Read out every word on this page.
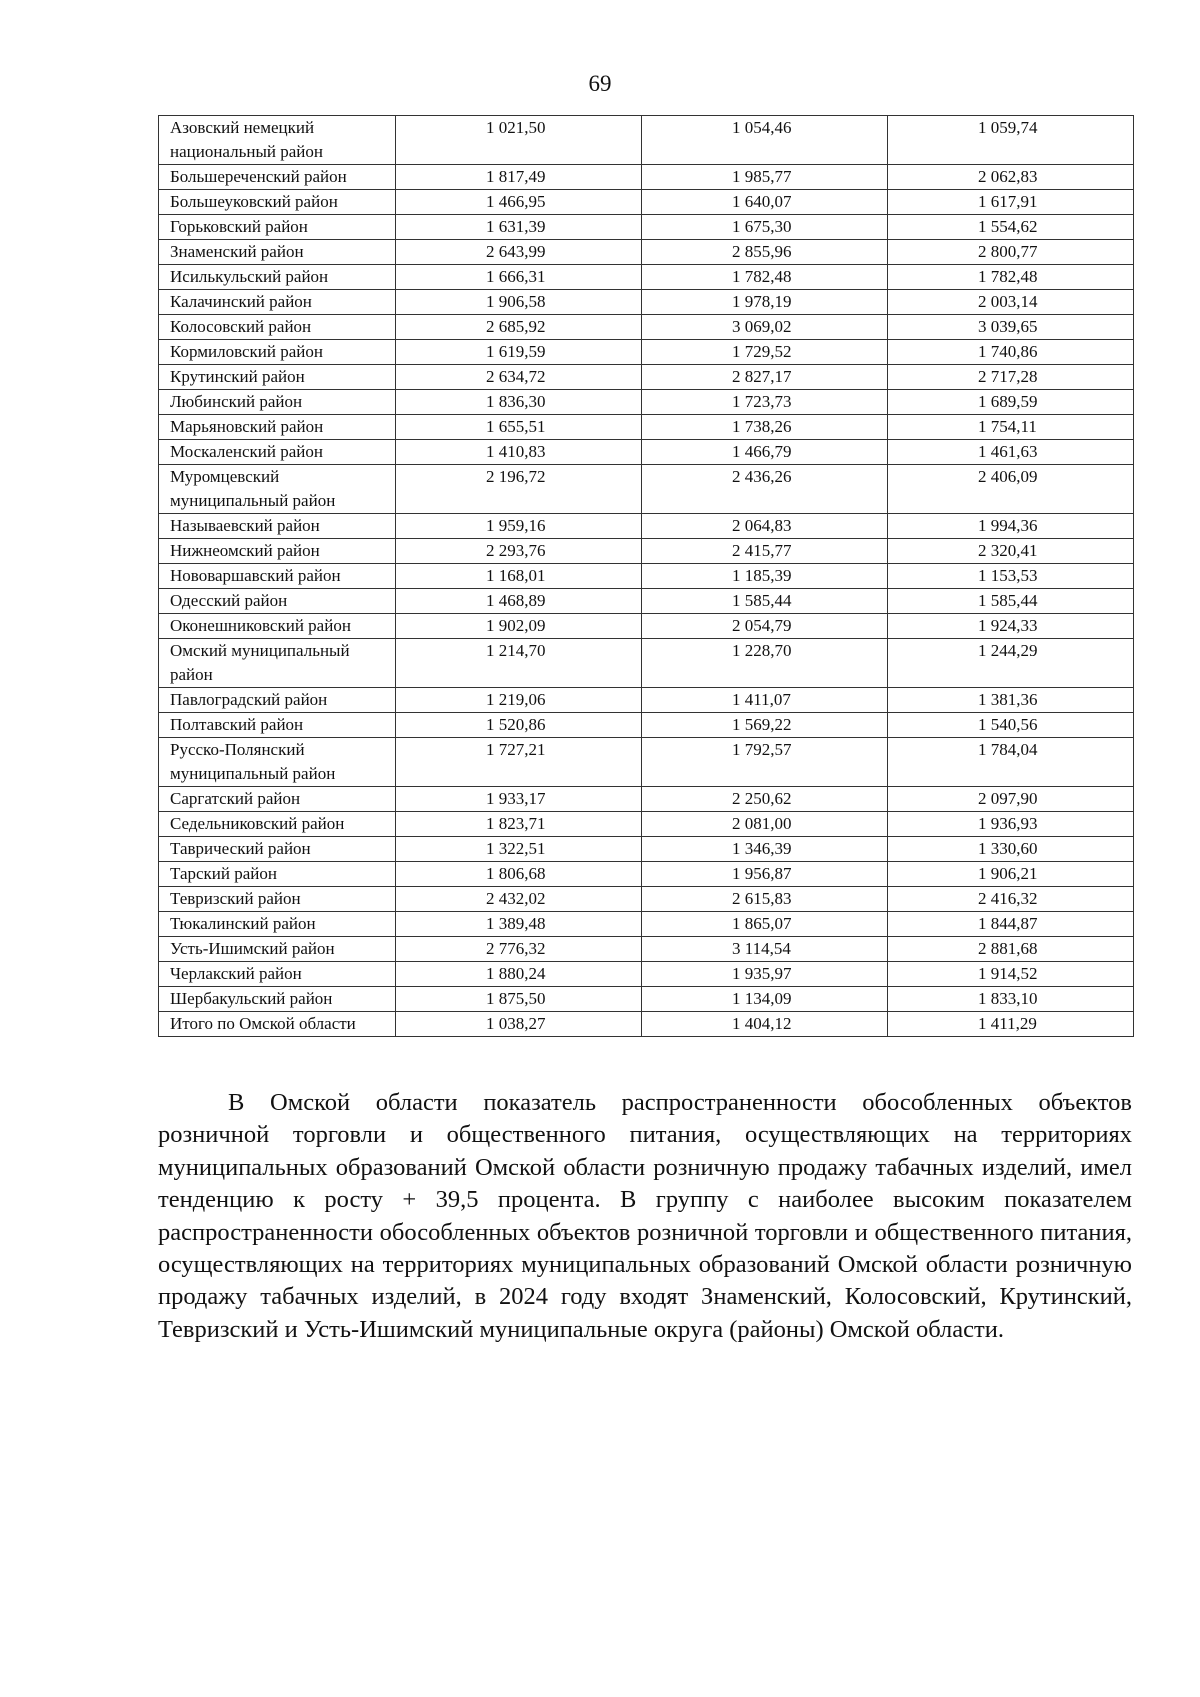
69
Азовский немецкий национальный район	1 021,50	1 054,46	1 059,74
Большереченский район	1 817,49	1 985,77	2 062,83
Большеуковский район	1 466,95	1 640,07	1 617,91
Горьковский район	1 631,39	1 675,30	1 554,62
Знаменский район	2 643,99	2 855,96	2 800,77
Исилькульский район	1 666,31	1 782,48	1 782,48
Калачинский район	1 906,58	1 978,19	2 003,14
Колосовский район	2 685,92	3 069,02	3 039,65
Кормиловский район	1 619,59	1 729,52	1 740,86
Крутинский район	2 634,72	2 827,17	2 717,28
Любинский район	1 836,30	1 723,73	1 689,59
Марьяновский район	1 655,51	1 738,26	1 754,11
Москаленский район	1 410,83	1 466,79	1 461,63
Муромцевский муниципальный район	2 196,72	2 436,26	2 406,09
Называевский район	1 959,16	2 064,83	1 994,36
Нижнеомский район	2 293,76	2 415,77	2 320,41
Нововаршавский район	1 168,01	1 185,39	1 153,53
Одесский район	1 468,89	1 585,44	1 585,44
Оконешниковский район	1 902,09	2 054,79	1 924,33
Омский муниципальный район	1 214,70	1 228,70	1 244,29
Павлоградский район	1 219,06	1 411,07	1 381,36
Полтавский район	1 520,86	1 569,22	1 540,56
Русско-Полянский муниципальный район	1 727,21	1 792,57	1 784,04
Саргатский район	1 933,17	2 250,62	2 097,90
Седельниковский район	1 823,71	2 081,00	1 936,93
Таврический район	1 322,51	1 346,39	1 330,60
Тарский район	1 806,68	1 956,87	1 906,21
Тевризский район	2 432,02	2 615,83	2 416,32
Тюкалинский район	1 389,48	1 865,07	1 844,87
Усть-Ишимский район	2 776,32	3 114,54	2 881,68
Черлакский район	1 880,24	1 935,97	1 914,52
Шербакульский район	1 875,50	1 134,09	1 833,10
Итого по Омской области	1 038,27	1 404,12	1 411,29

В Омской области показатель распространенности обособленных объектов розничной торговли и общественного питания, осуществляющих на территориях муниципальных образований Омской области розничную продажу табачных изделий, имел тенденцию к росту + 39,5 процента. В группу с наиболее высоким показателем распространенности обособленных объектов розничной торговли и общественного питания, осуществляющих на территориях муниципальных образований Омской области розничную продажу табачных изделий, в 2024 году входят Знаменский, Колосовский, Крутинский, Тевризский и Усть-Ишимский муниципальные округа (районы) Омской области.
